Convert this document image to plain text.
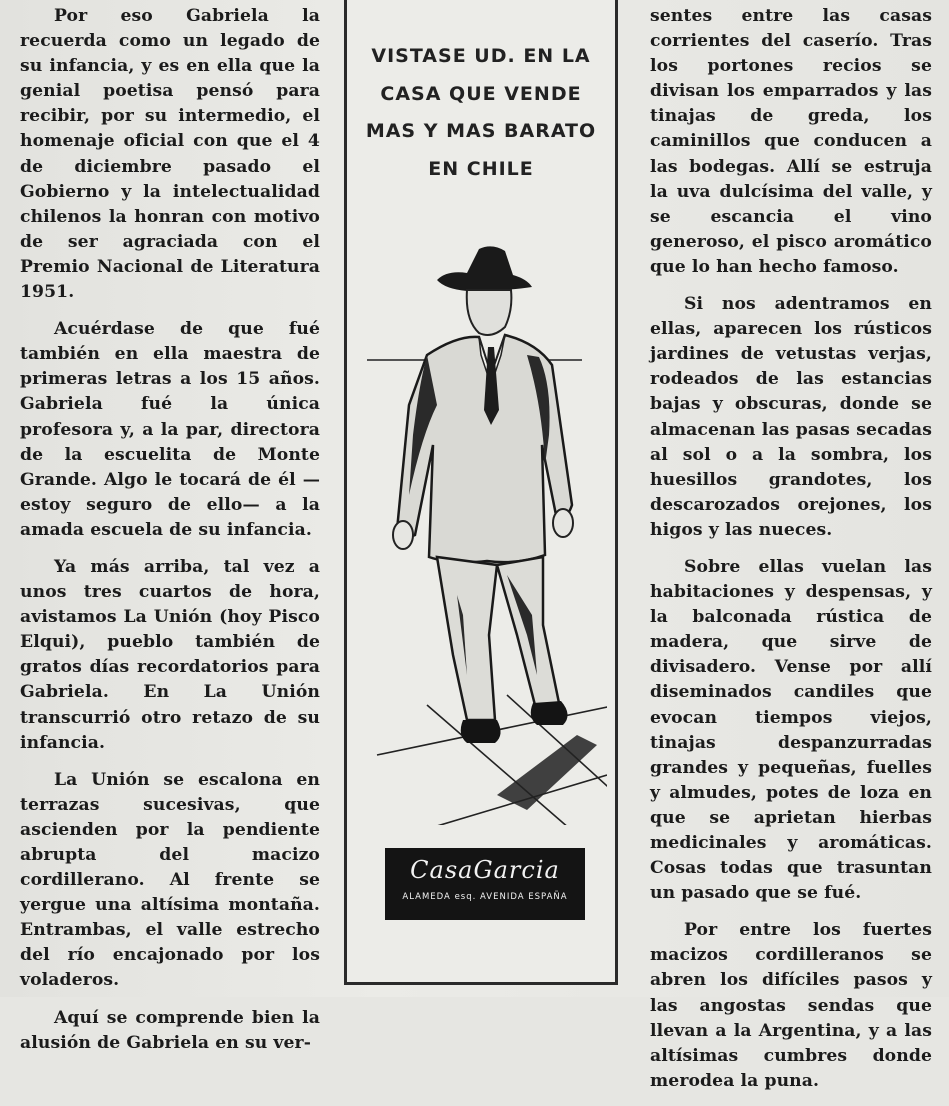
Por eso Gabriela la recuerda como un legado de su infancia, y es en ella que la genial poetisa pensó para recibir, por su intermedio, el homenaje oficial con que el 4 de diciembre pasado el Gobierno y la intelectualidad chilenos la honran con motivo de ser agraciada con el Premio Nacional de Literatura 1951.

Acuérdase de que fué también en ella maestra de primeras letras a los 15 años. Gabriela fué la única profesora y, a la par, directora de la escuelita de Monte Grande. Algo le tocará de él —estoy seguro de ello— a la amada escuela de su infancia.

Ya más arriba, tal vez a unos tres cuartos de hora, avistamos La Unión (hoy Pisco Elqui), pueblo también de gratos días recordatorios para Gabriela. En La Unión transcurrió otro retazo de su infancia.

La Unión se escalona en terrazas sucesivas, que ascienden por la pendiente abrupta del macizo cordillerano. Al frente se yergue una altísima montaña. Entrambas, el valle estrecho del río encajonado por los voladeros.

Aquí se comprende bien la alusión de Gabriela en su ver-

VISTASE UD. EN LA
CASA QUE VENDE
MAS Y MAS BARATO
EN CHILE
CasaGarcia
ALAMEDA esq. AVENIDA ESPAÑA

sentes entre las casas corrientes del caserío. Tras los portones recios se divisan los emparrados y las tinajas de greda, los caminillos que conducen a las bodegas. Allí se estruja la uva dulcísima del valle, y se escancia el vino generoso, el pisco aromático que lo han hecho famoso.

Si nos adentramos en ellas, aparecen los rústicos jardines de vetustas verjas, rodeados de las estancias bajas y obscuras, donde se almacenan las pasas secadas al sol o a la sombra, los huesillos grandotes, los descarozados orejones, los higos y las nueces.

Sobre ellas vuelan las habitaciones y despensas, y la balconada rústica de madera, que sirve de divisadero. Vense por allí diseminados candiles que evocan tiempos viejos, tinajas despanzurradas grandes y pequeñas, fuelles y almudes, potes de loza en que se aprietan hierbas medicinales y aromáticas. Cosas todas que trasuntan un pasado que se fué.

Por entre los fuertes macizos cordilleranos se abren los difíciles pasos y las angostas sendas que llevan a la Argentina, y a las altísimas cumbres donde merodea la puna.
